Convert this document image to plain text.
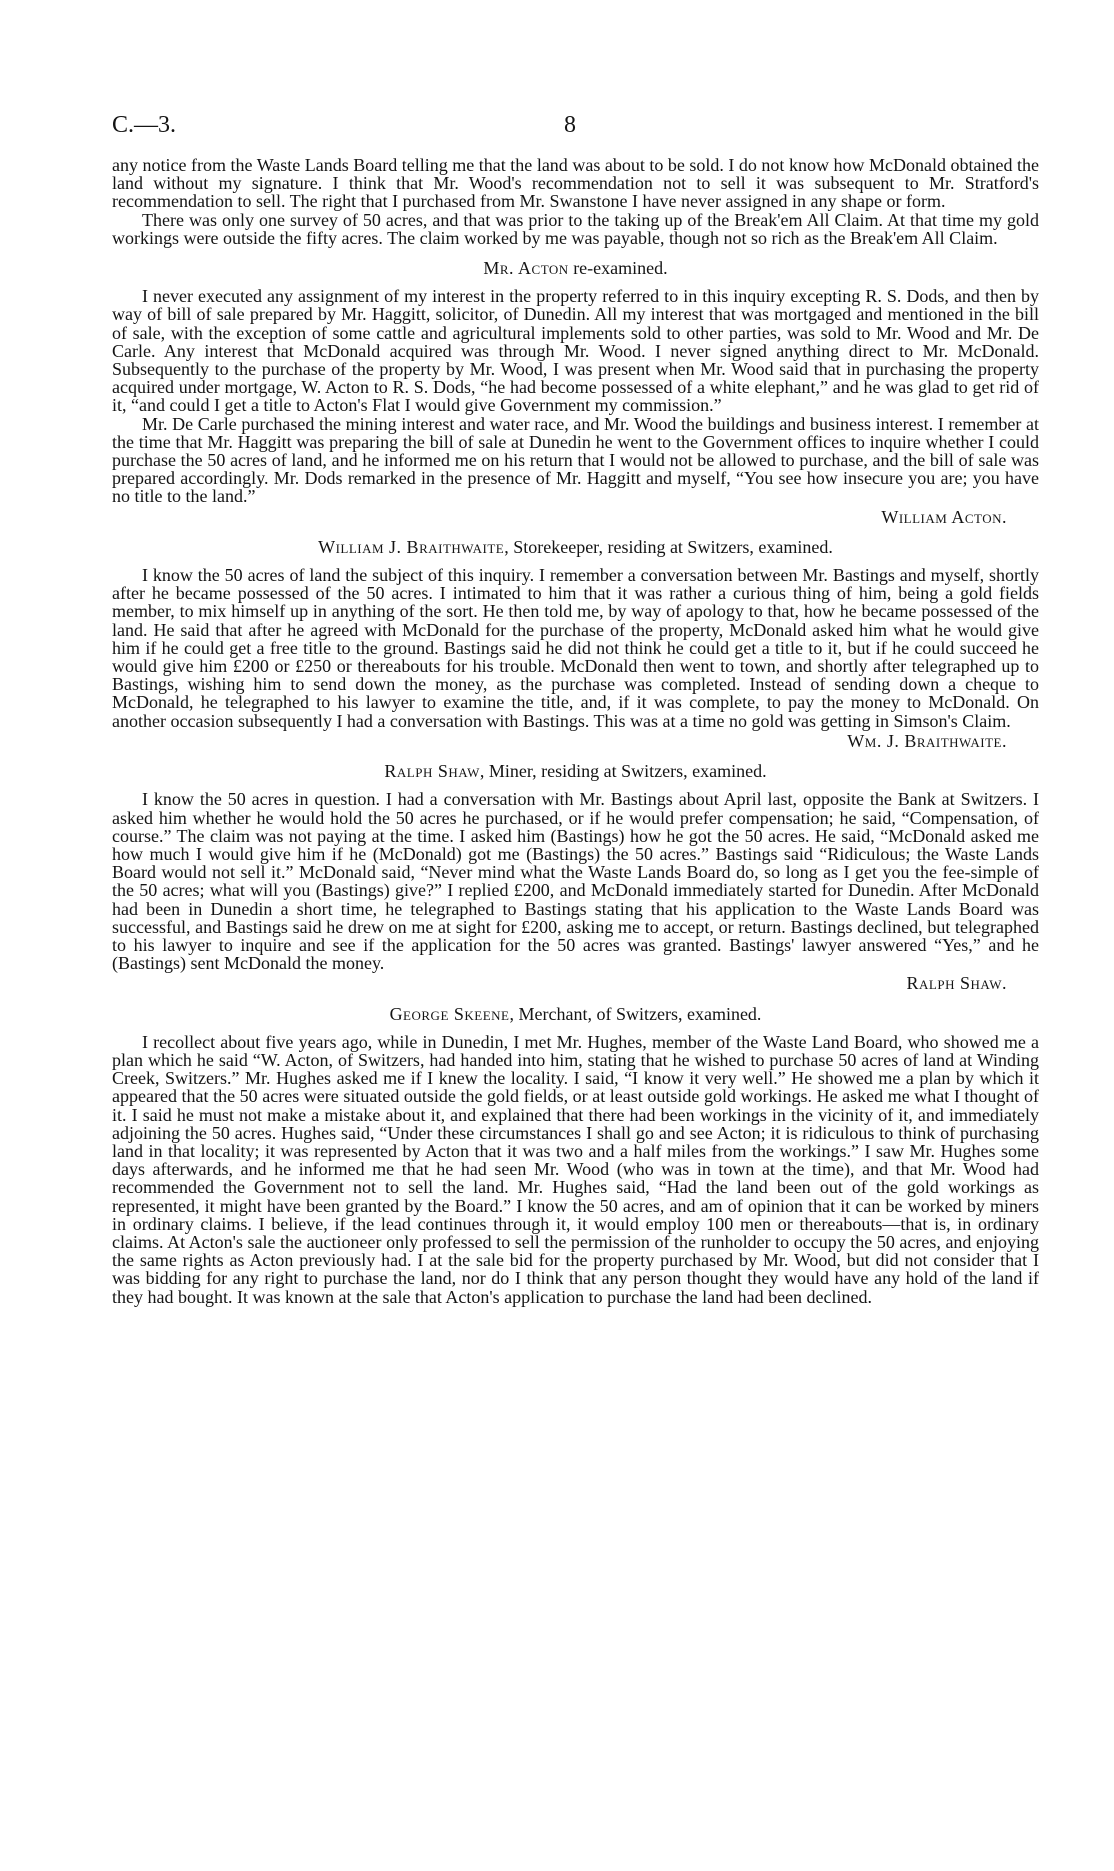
C.—3.	8

any notice from the Waste Lands Board telling me that the land was about to be sold. I do not know how McDonald obtained the land without my signature. I think that Mr. Wood's recommendation not to sell it was subsequent to Mr. Stratford's recommendation to sell. The right that I purchased from Mr. Swanstone I have never assigned in any shape or form.

There was only one survey of 50 acres, and that was prior to the taking up of the Break'em All Claim. At that time my gold workings were outside the fifty acres. The claim worked by me was payable, though not so rich as the Break'em All Claim.

Mr. Acton re-examined.

I never executed any assignment of my interest in the property referred to in this inquiry excepting R. S. Dods, and then by way of bill of sale prepared by Mr. Haggitt, solicitor, of Dunedin. All my interest that was mortgaged and mentioned in the bill of sale, with the exception of some cattle and agricultural implements sold to other parties, was sold to Mr. Wood and Mr. De Carle. Any interest that McDonald acquired was through Mr. Wood. I never signed anything direct to Mr. McDonald. Subsequently to the purchase of the property by Mr. Wood, I was present when Mr. Wood said that in purchasing the property acquired under mortgage, W. Acton to R. S. Dods, “he had become possessed of a white elephant,” and he was glad to get rid of it, “and could I get a title to Acton's Flat I would give Government my commission.”

Mr. De Carle purchased the mining interest and water race, and Mr. Wood the buildings and business interest. I remember at the time that Mr. Haggitt was preparing the bill of sale at Dunedin he went to the Government offices to inquire whether I could purchase the 50 acres of land, and he informed me on his return that I would not be allowed to purchase, and the bill of sale was prepared accordingly. Mr. Dods remarked in the presence of Mr. Haggitt and myself, “You see how insecure you are; you have no title to the land.”

William Acton.
William J. Braithwaite, Storekeeper, residing at Switzers, examined.

I know the 50 acres of land the subject of this inquiry. I remember a conversation between Mr. Bastings and myself, shortly after he became possessed of the 50 acres. I intimated to him that it was rather a curious thing of him, being a gold fields member, to mix himself up in anything of the sort. He then told me, by way of apology to that, how he became possessed of the land. He said that after he agreed with McDonald for the purchase of the property, McDonald asked him what he would give him if he could get a free title to the ground. Bastings said he did not think he could get a title to it, but if he could succeed he would give him £200 or £250 or thereabouts for his trouble. McDonald then went to town, and shortly after telegraphed up to Bastings, wishing him to send down the money, as the purchase was completed. Instead of sending down a cheque to McDonald, he telegraphed to his lawyer to examine the title, and, if it was complete, to pay the money to McDonald. On another occasion subsequently I had a conversation with Bastings. This was at a time no gold was getting in Simson's Claim.

Wm. J. Braithwaite.
Ralph Shaw, Miner, residing at Switzers, examined.

I know the 50 acres in question. I had a conversation with Mr. Bastings about April last, opposite the Bank at Switzers. I asked him whether he would hold the 50 acres he purchased, or if he would prefer compensation; he said, “Compensation, of course.” The claim was not paying at the time. I asked him (Bastings) how he got the 50 acres. He said, “McDonald asked me how much I would give him if he (McDonald) got me (Bastings) the 50 acres.” Bastings said “Ridiculous; the Waste Lands Board would not sell it.” McDonald said, “Never mind what the Waste Lands Board do, so long as I get you the fee-simple of the 50 acres; what will you (Bastings) give?” I replied £200, and McDonald immediately started for Dunedin. After McDonald had been in Dunedin a short time, he telegraphed to Bastings stating that his application to the Waste Lands Board was successful, and Bastings said he drew on me at sight for £200, asking me to accept, or return. Bastings declined, but telegraphed to his lawyer to inquire and see if the application for the 50 acres was granted. Bastings' lawyer answered “Yes,” and he (Bastings) sent McDonald the money.

Ralph Shaw.
George Skeene, Merchant, of Switzers, examined.

I recollect about five years ago, while in Dunedin, I met Mr. Hughes, member of the Waste Land Board, who showed me a plan which he said “W. Acton, of Switzers, had handed into him, stating that he wished to purchase 50 acres of land at Winding Creek, Switzers.” Mr. Hughes asked me if I knew the locality. I said, “I know it very well.” He showed me a plan by which it appeared that the 50 acres were situated outside the gold fields, or at least outside gold workings. He asked me what I thought of it. I said he must not make a mistake about it, and explained that there had been workings in the vicinity of it, and immediately adjoining the 50 acres. Hughes said, “Under these circumstances I shall go and see Acton; it is ridiculous to think of purchasing land in that locality; it was represented by Acton that it was two and a half miles from the workings.” I saw Mr. Hughes some days afterwards, and he informed me that he had seen Mr. Wood (who was in town at the time), and that Mr. Wood had recommended the Government not to sell the land. Mr. Hughes said, “Had the land been out of the gold workings as represented, it might have been granted by the Board.” I know the 50 acres, and am of opinion that it can be worked by miners in ordinary claims. I believe, if the lead continues through it, it would employ 100 men or thereabouts—that is, in ordinary claims. At Acton's sale the auctioneer only professed to sell the permission of the runholder to occupy the 50 acres, and enjoying the same rights as Acton previously had. I at the sale bid for the property purchased by Mr. Wood, but did not consider that I was bidding for any right to purchase the land, nor do I think that any person thought they would have any hold of the land if they had bought. It was known at the sale that Acton's application to purchase the land had been declined.
